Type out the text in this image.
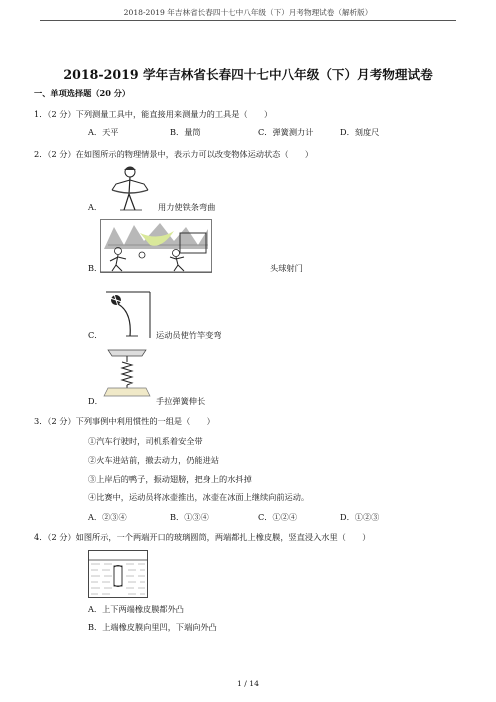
2018-2019 年吉林省长春四十七中八年级（下）月考物理试卷（解析版）
2018-2019 学年吉林省长春四十七中八年级（下）月考物理试卷
一、单项选择题（20 分）
1．（2 分）下列测量工具中，能直接用来测量力的工具是（　　）
A．天平	B．量筒	C．弹簧测力计	D．刻度尺
2．（2 分）在如图所示的物理情景中，表示力可以改变物体运动状态（　　）
A．	用力使铁条弯曲
B．	头球射门
C．	运动员使竹竿变弯
D．	手拉弹簧伸长
3．（2 分）下列事例中利用惯性的一组是（　　）
①汽车行驶时，司机系着安全带
②火车进站前，撤去动力，仍能进站
③上岸后的鸭子，振动翅膀，把身上的水抖掉
④比赛中，运动员将冰壶推出，冰壶在冰面上继续向前运动。
A．②③④	B．①③④	C．①②④	D．①②③
4．（2 分）如图所示，一个两端开口的玻璃圆筒，两端都扎上橡皮膜，竖直浸入水里（　　）
A．上下两端橡皮膜都外凸
B．上端橡皮膜向里凹，下端向外凸
1 / 14
